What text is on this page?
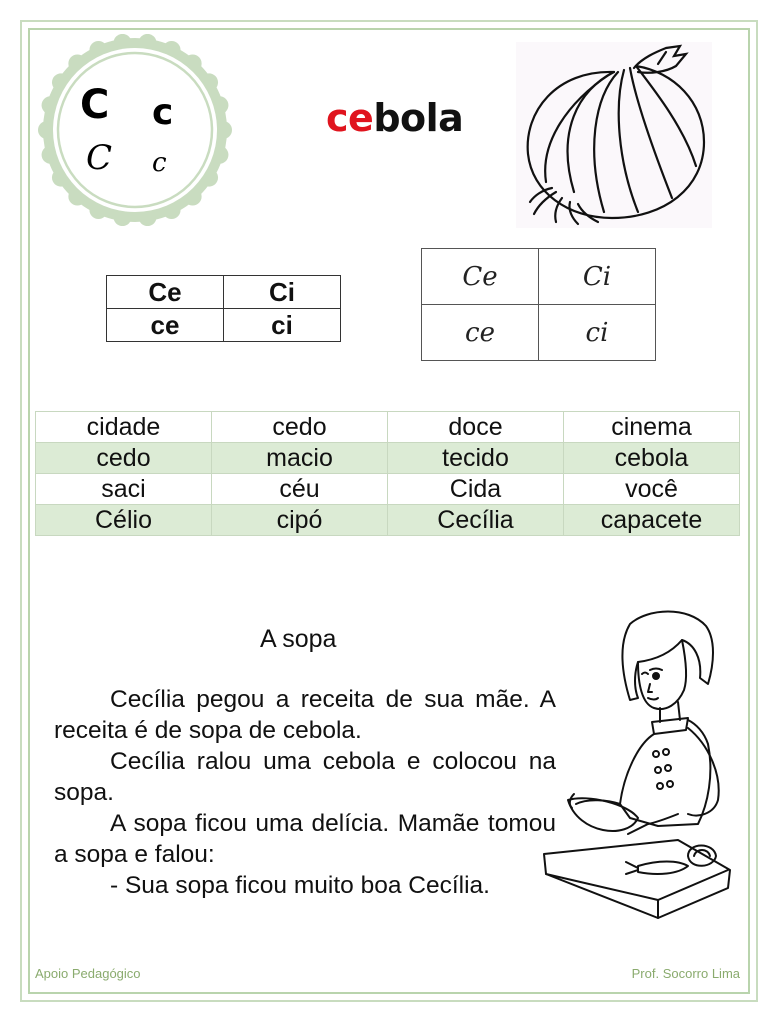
C c
C c
cebola
Ce	Ci
ce	ci
Ce	Ci
ce	ci
cidade	cedo	doce	cinema
cedo	macio	tecido	cebola
saci	céu	Cida	você
Célio	cipó	Cecília	capacete
A sopa

Cecília pegou a receita de sua mãe. A receita é de sopa de cebola.

Cecília ralou uma cebola e colocou na sopa.

A sopa ficou uma delícia. Mamãe tomou a sopa e falou:

- Sua sopa ficou muito boa Cecília.

Apoio Pedagógico	Prof. Socorro Lima
